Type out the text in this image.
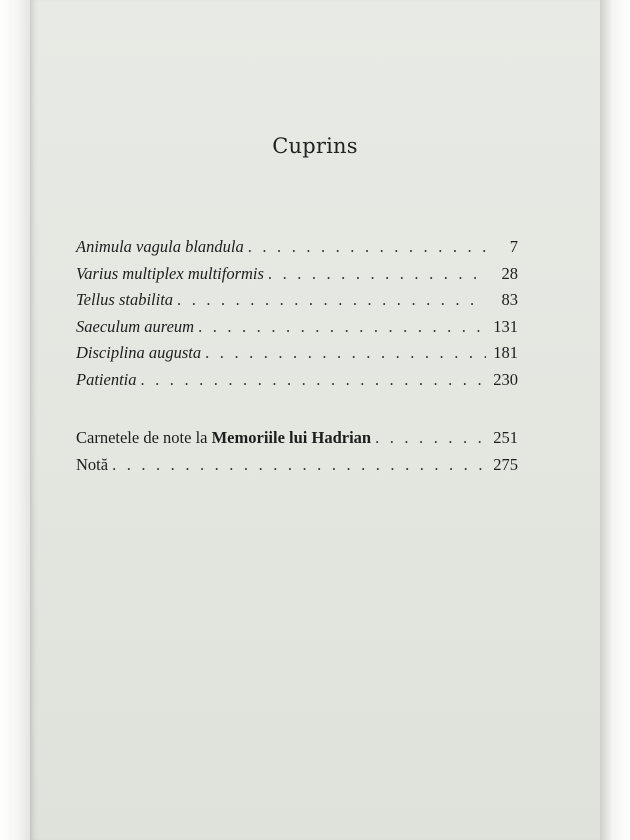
Cuprins
Animula vagula blandula . . .	7
Varius multiplex multiformis . . .	28
Tellus stabilita . . .	83
Saeculum aureum . . .	131
Disciplina augusta . . .	181
Patientia . . .	230
Carnetele de note la Memoriile lui Hadrian . . .	251
Notă . . .	275
